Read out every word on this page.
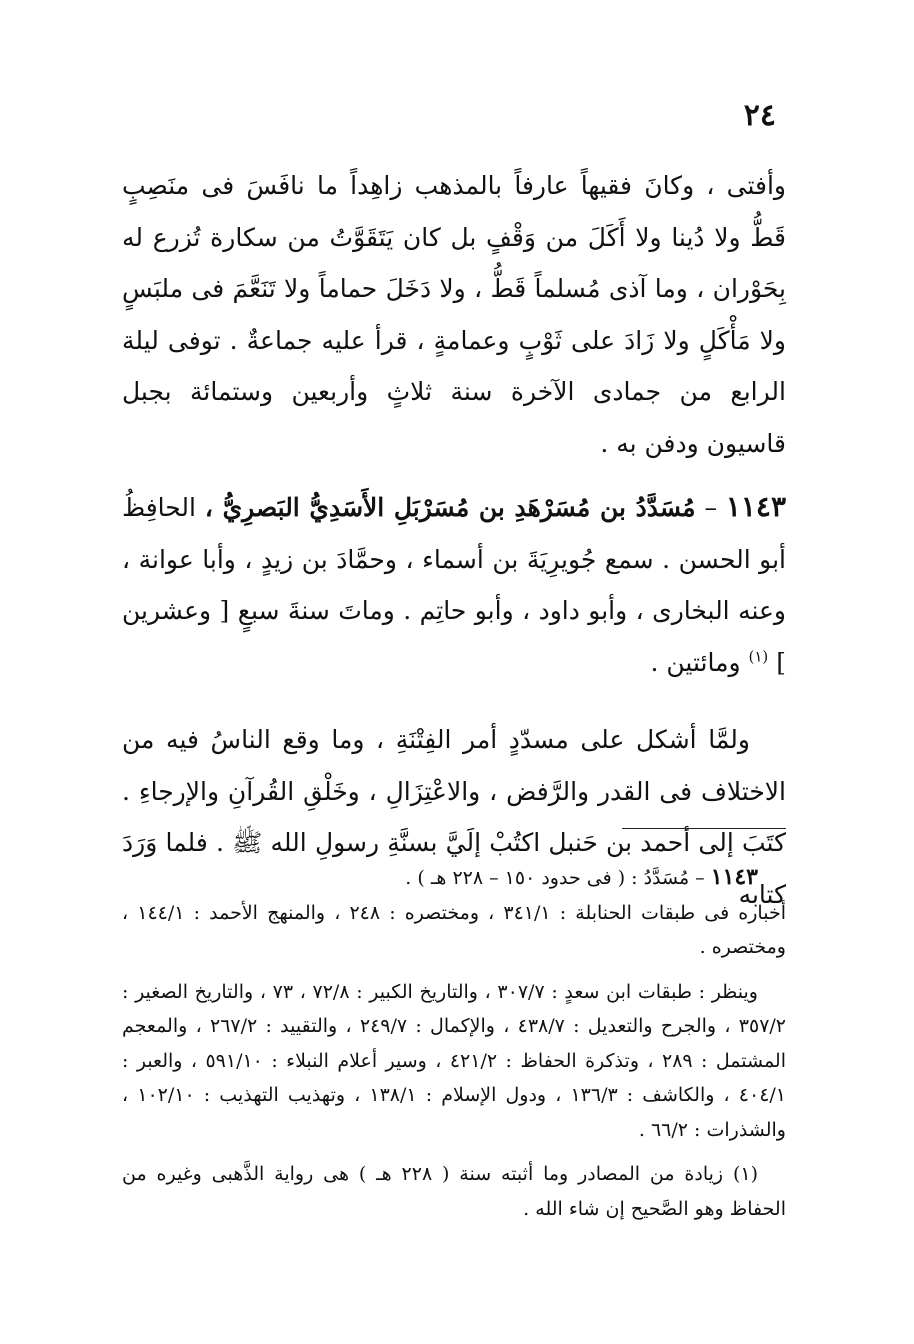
٢٤

وأفتى ، وكانَ فقيهاً عارفاً بالمذهب زاهِداً ما نافَسَ فى منَصِبٍ قَطُّ ولا دُينا ولا أَكَلَ من وَقْفٍ بل كان يَتَقَوَّتُ من سكارة تُزرع له بِحَوْران ، وما آذى مُسلماً قَطُّ ، ولا دَخَلَ حماماً ولا تَنَعَّمَ فى ملبَسٍ ولا مَأْكَلٍ ولا زَادَ على ثَوْبٍ وعمامةٍ ، قرأ عليه جماعةٌ . توفى ليلة الرابع من جمادى الآخرة سنة ثلاثٍ وأربعين وستمائة بجبل قاسيون ودفن به .

١١٤٣ – مُسَدَّدُ بن مُسَرْهَدِ بن مُسَرْبَلِ الأَسَدِيُّ البَصرِيُّ ، الحافِظُ أبو الحسن . سمع جُويرِيَةَ بن أسماء ، وحمَّادَ بن زيدٍ ، وأبا عوانة ، وعنه البخارى ، وأبو داود ، وأبو حاتِم . وماتَ سنةَ سبعٍ [ وعشرين ] $^{(١)}$ ومائتين .

ولمَّا أشكل على مسدّدٍ أمر الفِتْنَةِ ، وما وقع الناسُ فيه من الاختلاف فى القدر والرَّفض ، والاعْتِزَالِ ، وخَلْقِ القُرآنِ والإرجاءِ . كتَبَ إلى أحمد بن حَنبل اكتُبْ إلَيَّ بسنَّةِ رسولِ الله ﷺ . فلما وَرَدَ كتابه

١١٤٣ – مُسَدَّدُ : ( فى حدود ١٥٠ – ٢٢٨ هـ ) .

أخباره فى طبقات الحنابلة : ٣٤١/١ ، ومختصره : ٢٤٨ ، والمنهج الأحمد : ١٤٤/١ ، ومختصره .

وينظر : طبقات ابن سعدٍ : ٣٠٧/٧ ، والتاريخ الكبير : ٧٢/٨ ، ٧٣ ، والتاريخ الصغير : ٣٥٧/٢ ، والجرح والتعديل : ٤٣٨/٧ ، والإكمال : ٢٤٩/٧ ، والتقييد : ٢٦٧/٢ ، والمعجم المشتمل : ٢٨٩ ، وتذكرة الحفاظ : ٤٢١/٢ ، وسير أعلام النبلاء : ٥٩١/١٠ ، والعبر : ٤٠٤/١ ، والكاشف : ١٣٦/٣ ، ودول الإسلام : ١٣٨/١ ، وتهذيب التهذيب : ١٠٢/١٠ ، والشذرات : ٦٦/٢ .

(١) زيادة من المصادر وما أثبته سنة ( ٢٢٨ هـ ) هى رواية الذَّهبى وغيره من الحفاظ وهو الصَّحيح إن شاء الله .
